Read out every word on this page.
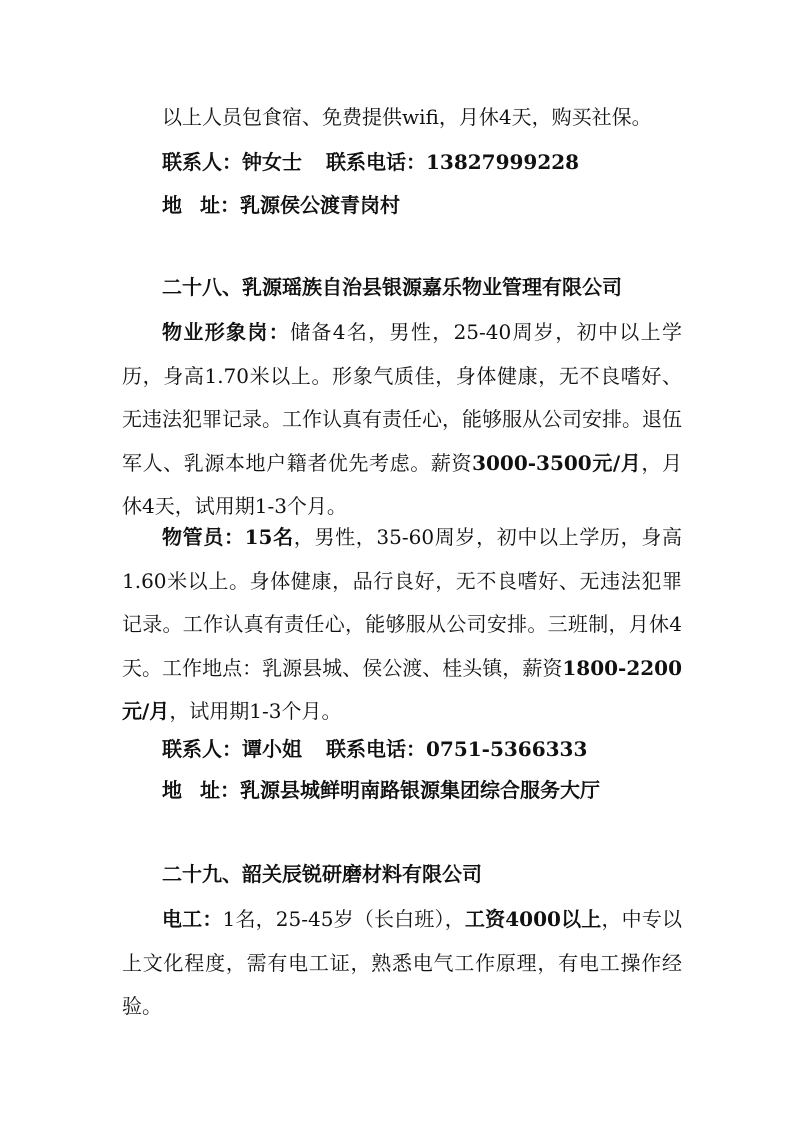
以上人员包食宿、免费提供wifi，月休4天，购买社保。
联系人：钟女士 联系电话：13827999228
地 址：乳源侯公渡青岗村
二十八、乳源瑶族自治县银源嘉乐物业管理有限公司
物业形象岗：储备4名，男性，25-40周岁，初中以上学历，身高1.70米以上。形象气质佳，身体健康，无不良嗜好、无违法犯罪记录。工作认真有责任心，能够服从公司安排。退伍军人、乳源本地户籍者优先考虑。薪资3000-3500元/月，月休4天，试用期1-3个月。
物管员：15名，男性，35-60周岁，初中以上学历，身高1.60米以上。身体健康，品行良好，无不良嗜好、无违法犯罪记录。工作认真有责任心，能够服从公司安排。三班制，月休4天。工作地点：乳源县城、侯公渡、桂头镇，薪资1800-2200元/月，试用期1-3个月。
联系人：谭小姐 联系电话：0751-5366333
地 址：乳源县城鲜明南路银源集团综合服务大厅
二十九、韶关辰锐研磨材料有限公司
电工：1名，25-45岁（长白班），工资4000以上，中专以上文化程度，需有电工证，熟悉电气工作原理，有电工操作经验。
